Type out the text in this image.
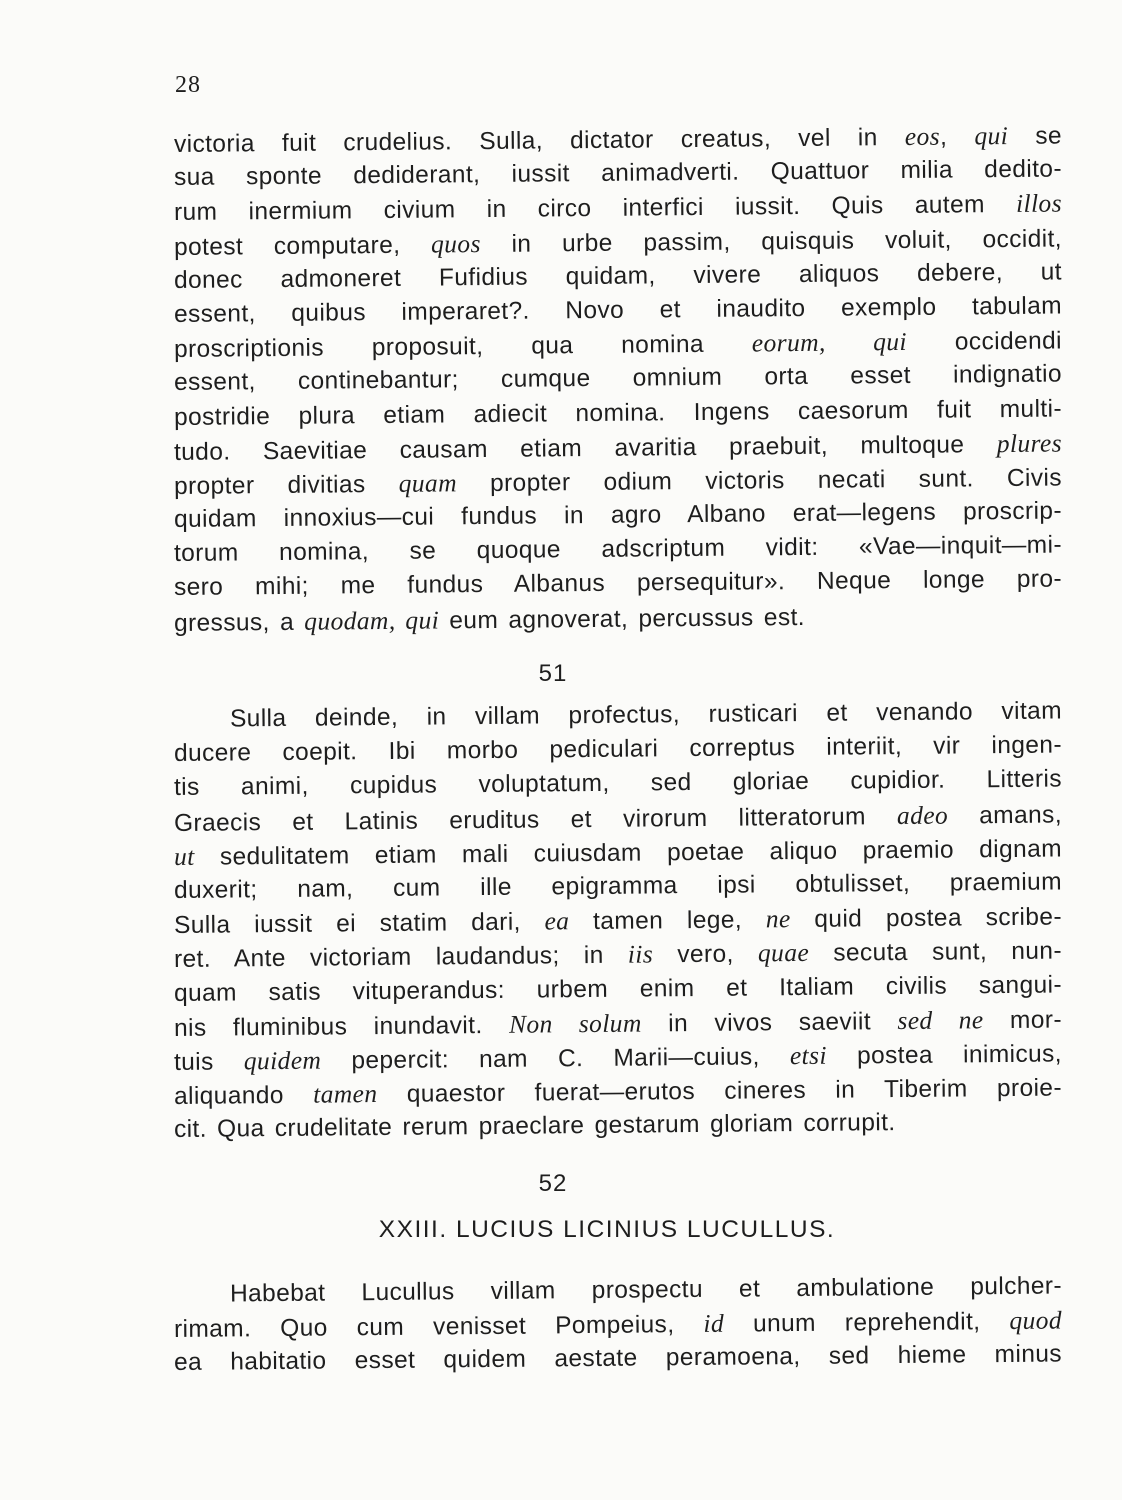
28
victoria fuit crudelius. Sulla, dictator creatus, vel in eos, qui se
sua sponte dediderant, iussit animadverti. Quattuor milia dedito-
rum inermium civium in circo interfici iussit. Quis autem illos
potest computare, quos in urbe passim, quisquis voluit, occidit,
donec admoneret Fufidius quidam, vivere aliquos debere, ut
essent, quibus imperaret?. Novo et inaudito exemplo tabulam
proscriptionis proposuit, qua nomina eorum, qui occidendi
essent, continebantur; cumque omnium orta esset indignatio
postridie plura etiam adiecit nomina. Ingens caesorum fuit multi-
tudo. Saevitiae causam etiam avaritia praebuit, multoque plures
propter divitias quam propter odium victoris necati sunt. Civis
quidam innoxius—cui fundus in agro Albano erat—legens proscrip-
torum nomina, se quoque adscriptum vidit: «Vae—inquit—mi-
sero mihi; me fundus Albanus persequitur». Neque longe pro-
gressus, a quodam, qui eum agnoverat, percussus est.
51
Sulla deinde, in villam profectus, rusticari et venando vitam
ducere coepit. Ibi morbo pediculari correptus interiit, vir ingen-
tis animi, cupidus voluptatum, sed gloriae cupidior. Litteris
Graecis et Latinis eruditus et virorum litteratorum adeo amans,
ut sedulitatem etiam mali cuiusdam poetae aliquo praemio dignam
duxerit; nam, cum ille epigramma ipsi obtulisset, praemium
Sulla iussit ei statim dari, ea tamen lege, ne quid postea scribe-
ret. Ante victoriam laudandus; in iis vero, quae secuta sunt, nun-
quam satis vituperandus: urbem enim et Italiam civilis sangui-
nis fluminibus inundavit. Non solum in vivos saeviit sed ne mor-
tuis quidem pepercit: nam C. Marii—cuius, etsi postea inimicus,
aliquando tamen quaestor fuerat—erutos cineres in Tiberim proie-
cit. Qua crudelitate rerum praeclare gestarum gloriam corrupit.
52
XXIII. LUCIUS LICINIUS LUCULLUS.
Habebat Lucullus villam prospectu et ambulatione pulcher-
rimam. Quo cum venisset Pompeius, id unum reprehendit, quod
ea habitatio esset quidem aestate peramoena, sed hieme minus
